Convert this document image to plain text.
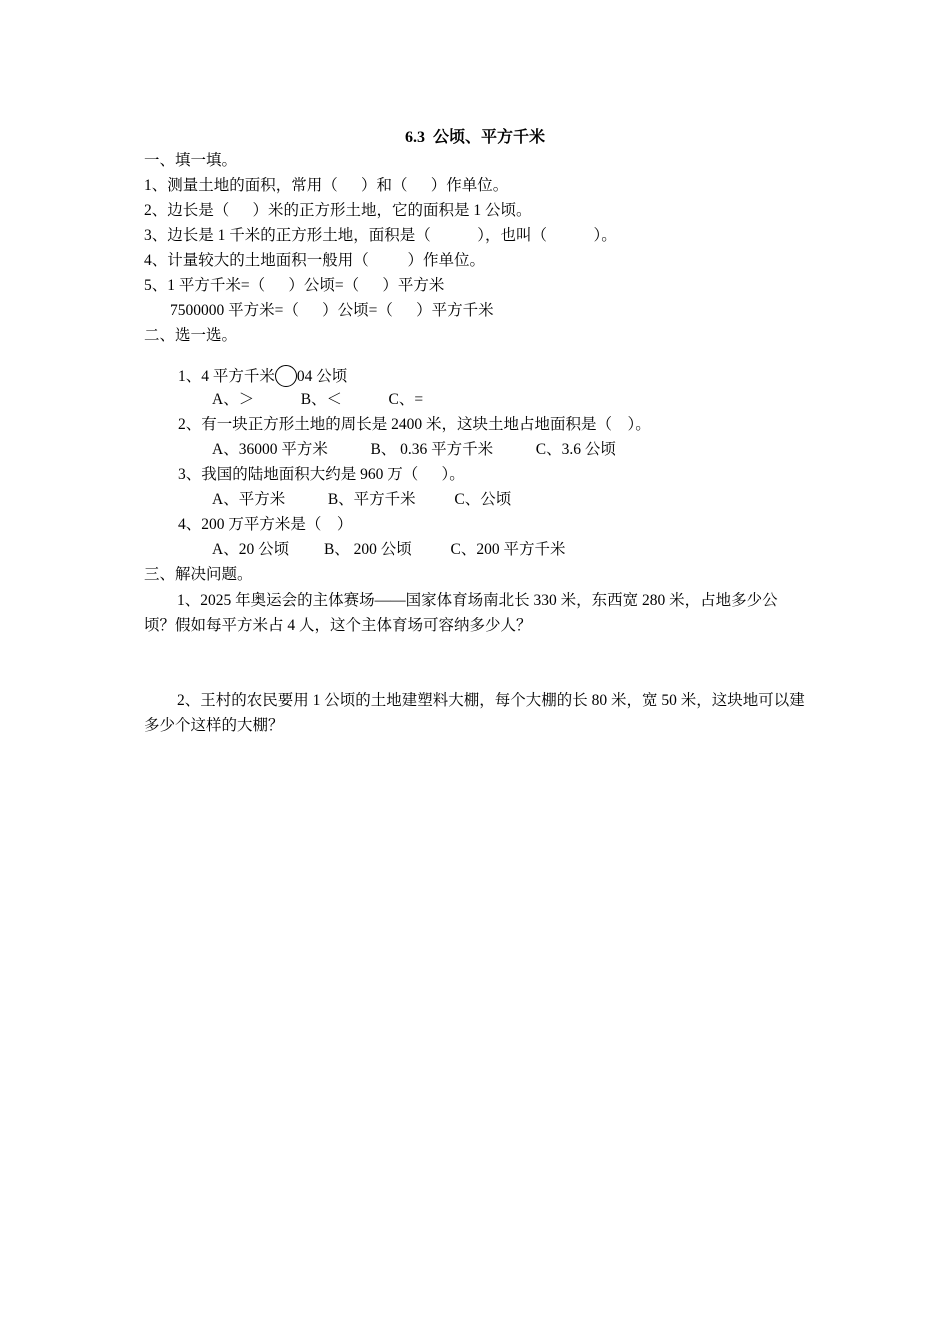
6.3  公顷、平方千米
一、填一填。
1、测量土地的面积，常用（      ）和（      ）作单位。
2、边长是（      ）米的正方形土地，它的面积是 1 公顷。
3、边长是 1 千米的正方形土地，面积是（            ），也叫（            ）。
4、计量较大的土地面积一般用（          ）作单位。
5、1 平方千米=（      ）公顷=（      ）平方米
7500000 平方米=（      ）公顷=（      ）平方千米
二、选一选。
1、4 平方千米 04 公顷
A、＞            B、＜            C、=
2、有一块正方形土地的周长是 2400 米，这块土地占地面积是（    ）。
A、36000 平方米           B、 0.36 平方千米           C、3.6 公顷
3、我国的陆地面积大约是 960 万（      ）。
A、平方米           B、平方千米          C、公顷
4、200 万平方米是（    ）
A、20 公顷         B、 200 公顷          C、200 平方千米
三、解决问题。
1、2025 年奥运会的主体赛场——国家体育场南北长 330 米，东西宽 280 米，占地多少公顷？假如每平方米占 4 人，这个主体育场可容纳多少人？
2、王村的农民要用 1 公顷的土地建塑料大棚，每个大棚的长 80 米，宽 50 米，这块地可以建多少个这样的大棚？
